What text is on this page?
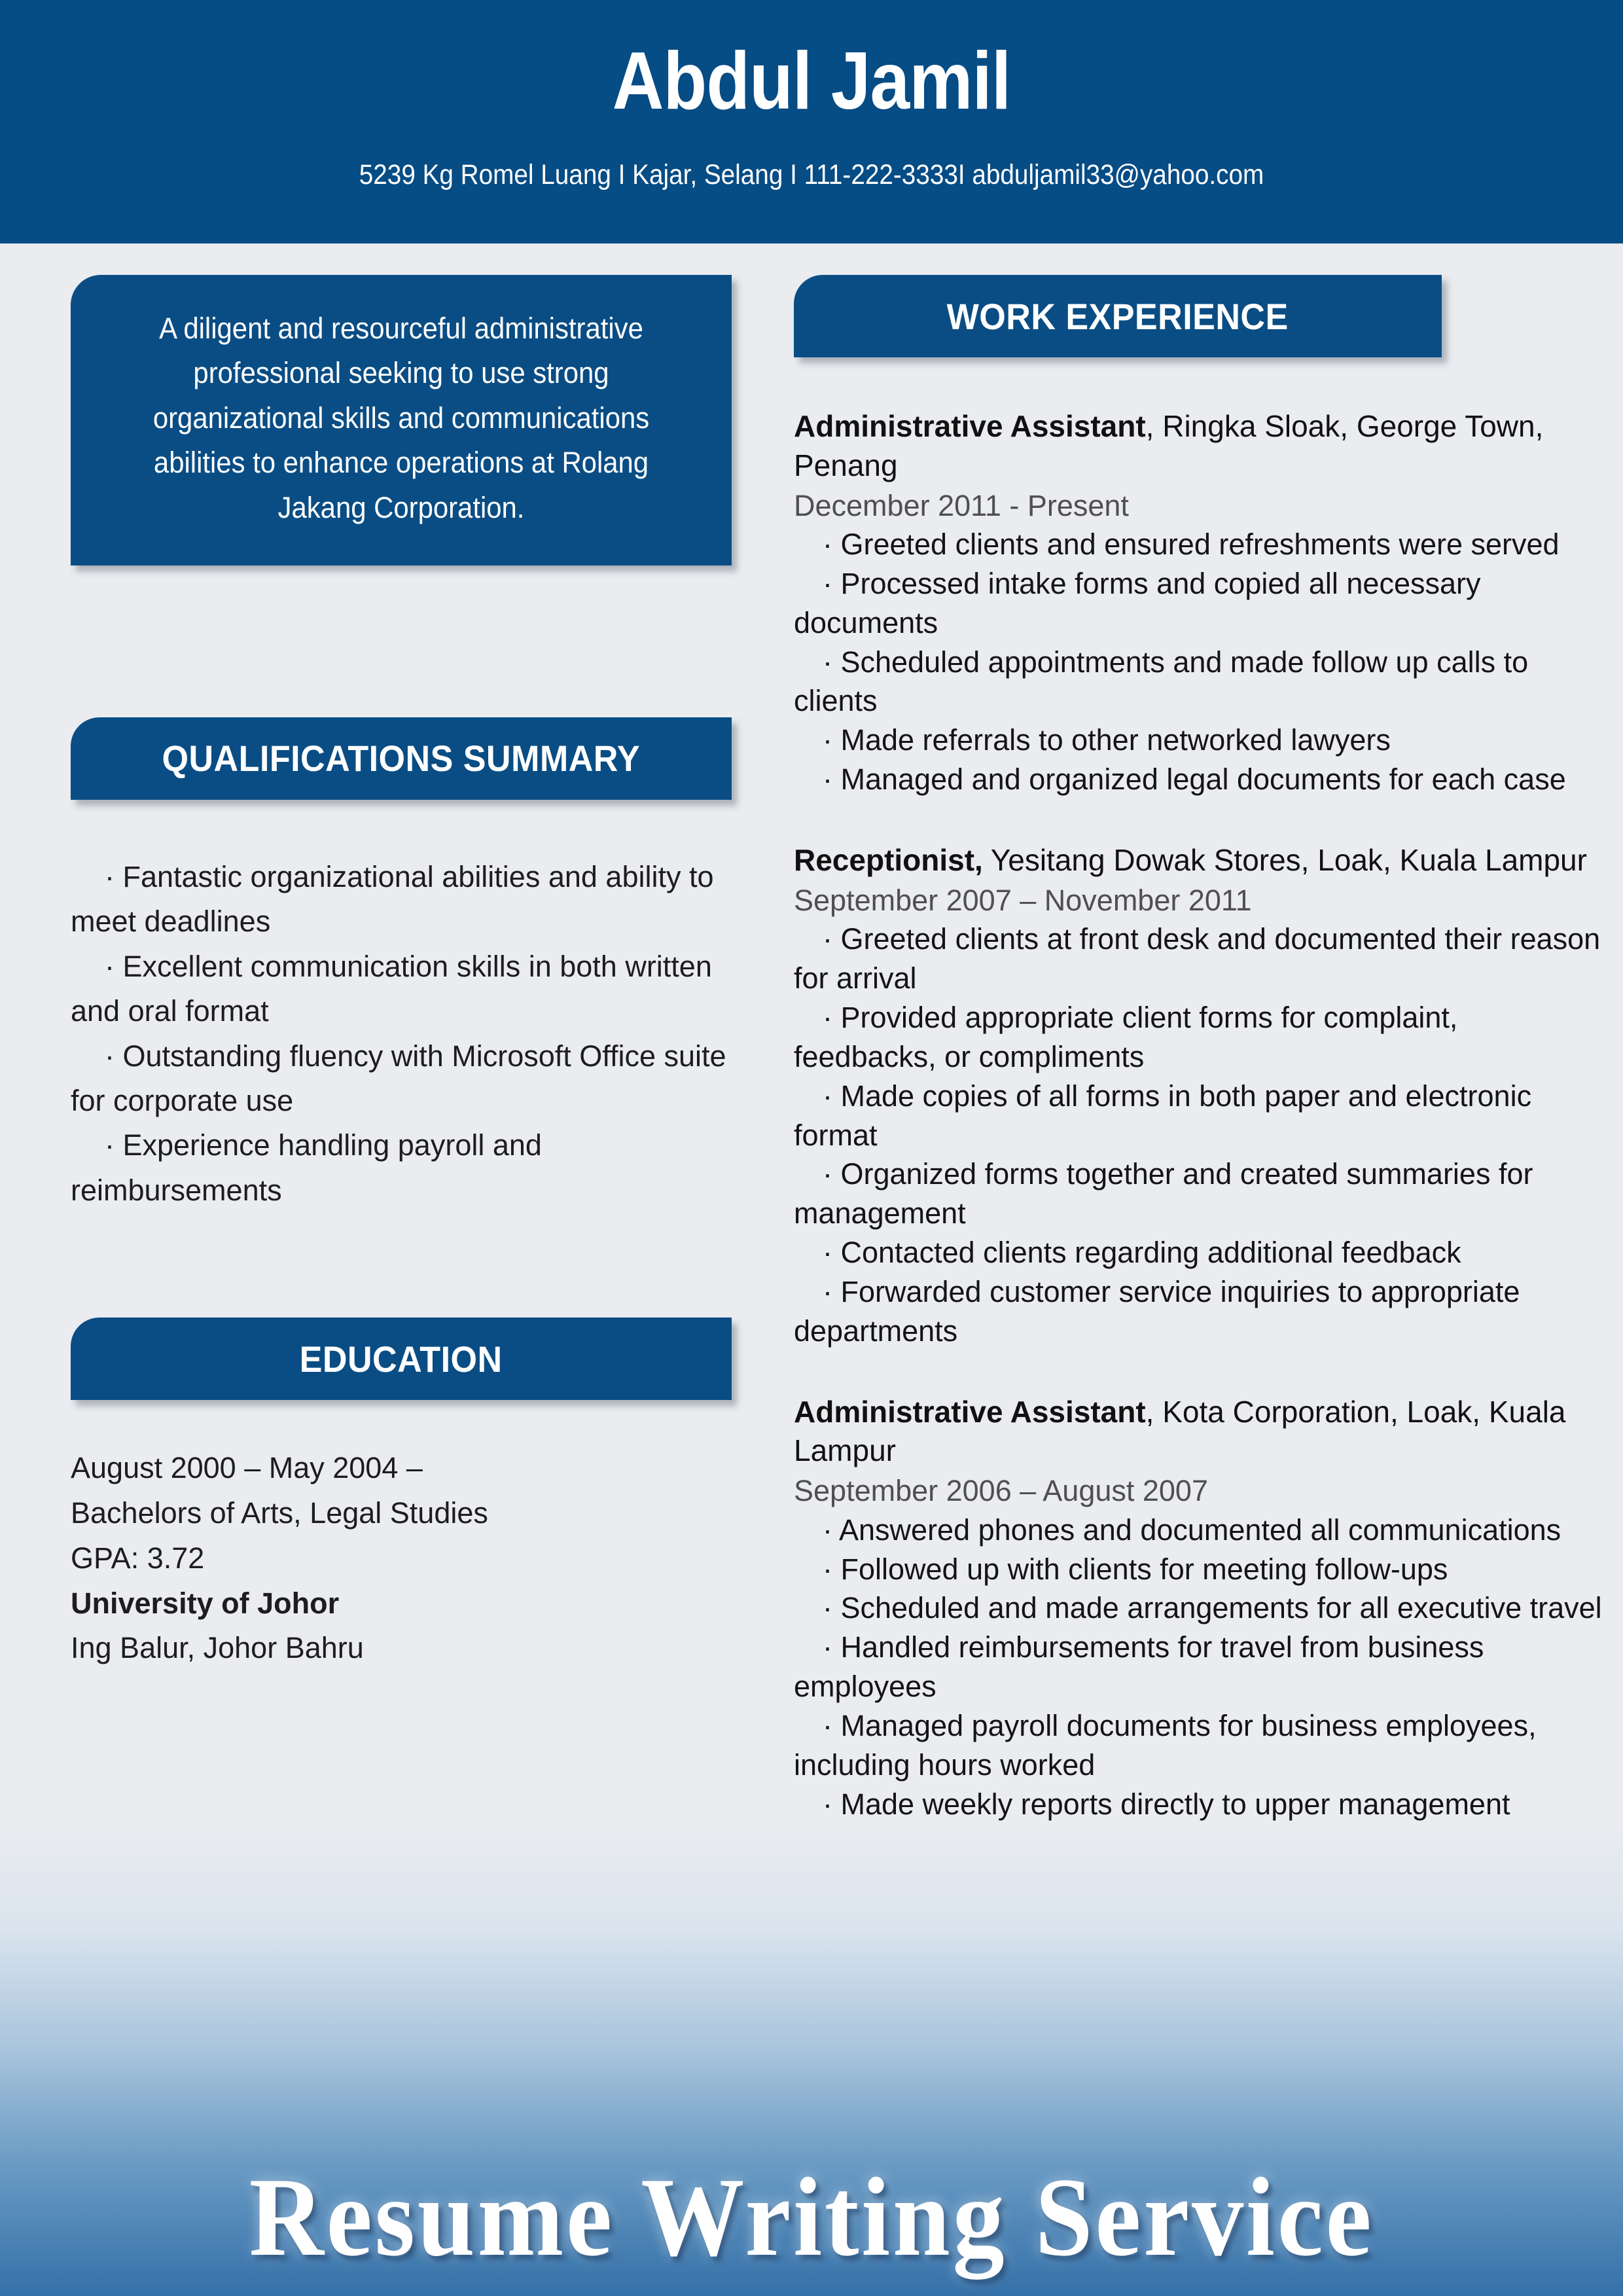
Abdul Jamil
5239 Kg Romel Luang I Kajar, Selang I 111-222-3333I abduljamil33@yahoo.com
A diligent and resourceful administrative professional seeking to use strong organizational skills and communications abilities to enhance operations at Rolang Jakang Corporation.
QUALIFICATIONS SUMMARY
· Fantastic organizational abilities and ability to meet deadlines
· Excellent communication skills in both written and oral format
· Outstanding fluency with Microsoft Office suite for corporate use
· Experience handling payroll and reimbursements
EDUCATION
August 2000 – May 2004 –
Bachelors of Arts, Legal Studies
GPA: 3.72
University of Johor
Ing Balur, Johor Bahru
WORK EXPERIENCE
Administrative Assistant, Ringka Sloak, George Town, Penang
December 2011 - Present
· Greeted clients and ensured refreshments were served
· Processed intake forms and copied all necessary documents
· Scheduled appointments and made follow up calls to clients
· Made referrals to other networked lawyers
· Managed and organized legal documents for each case
Receptionist, Yesitang Dowak Stores, Loak, Kuala Lampur
September 2007 – November 2011
· Greeted clients at front desk and documented their reason for arrival
· Provided appropriate client forms for complaint, feedbacks, or compliments
· Made copies of all forms in both paper and electronic format
· Organized forms together and created summaries for management
· Contacted clients regarding additional feedback
· Forwarded customer service inquiries to appropriate departments
Administrative Assistant, Kota Corporation, Loak, Kuala Lampur
September 2006 – August 2007
· Answered phones and documented all communications
· Followed up with clients for meeting follow-ups
· Scheduled and made arrangements for all executive travel
· Handled reimbursements for travel from business employees
· Managed payroll documents for business employees, including hours worked
· Made weekly reports directly to upper management
Resume Writing Service
